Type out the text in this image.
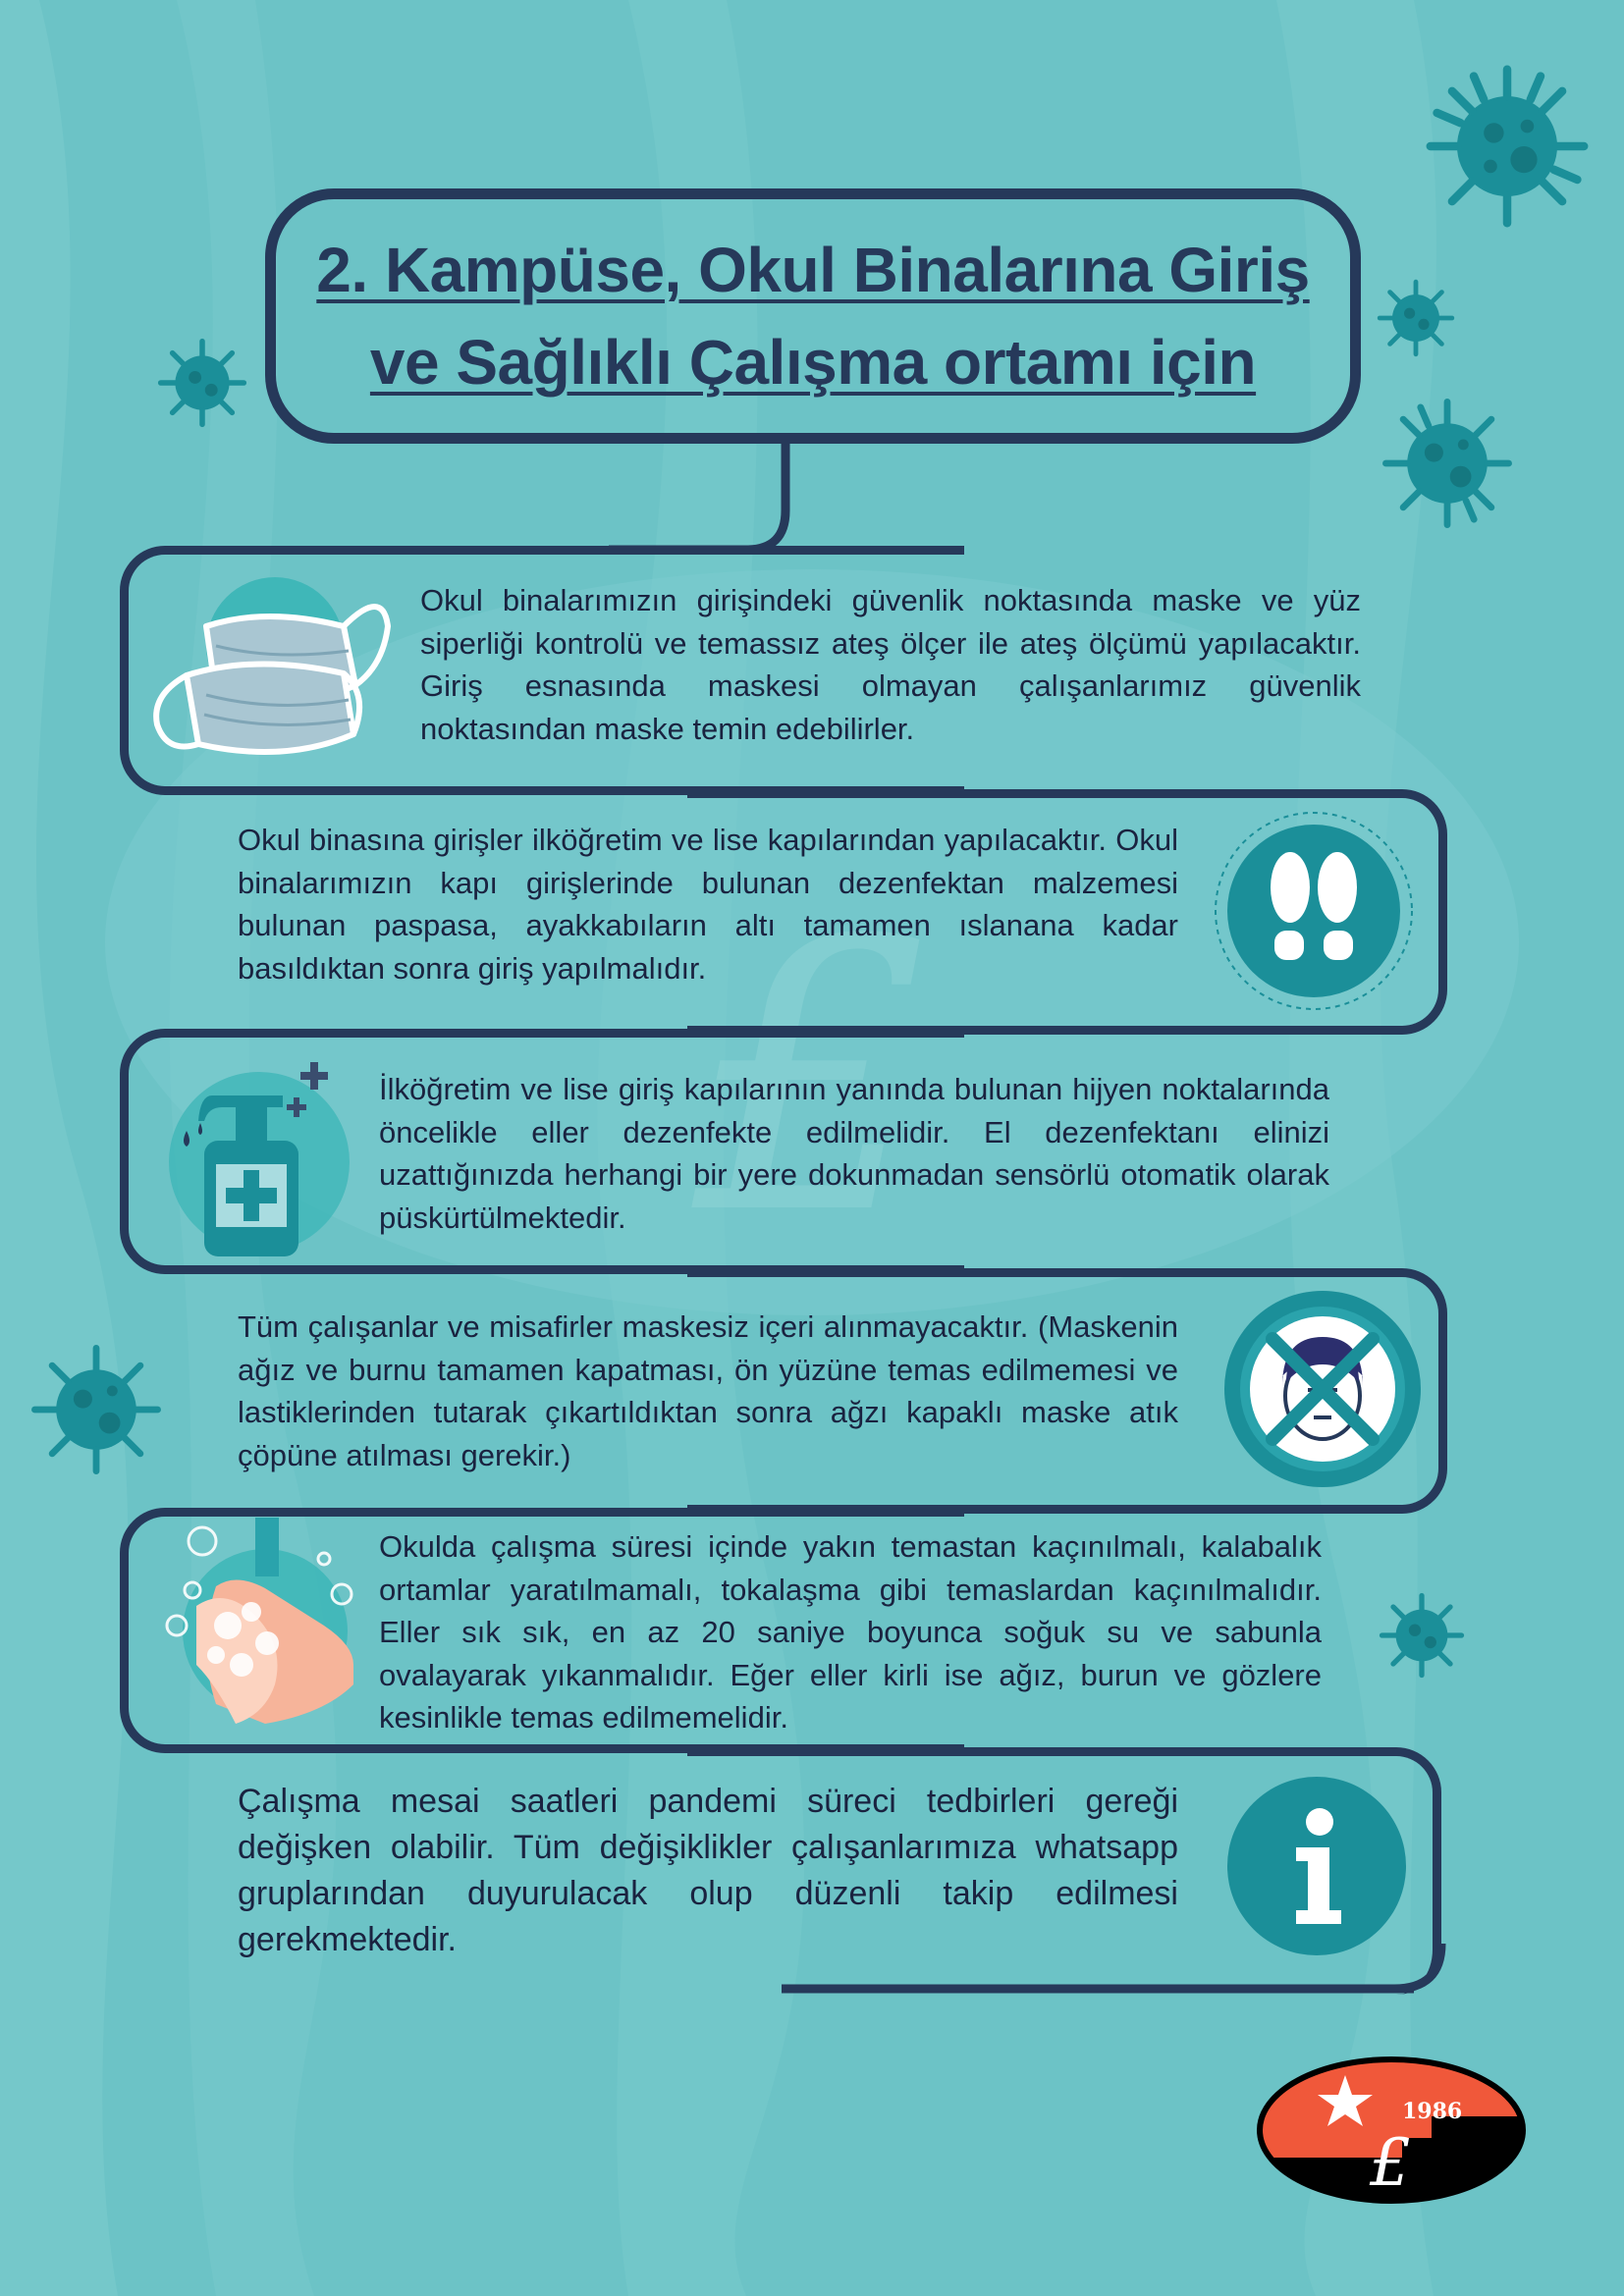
£
2. Kampüse, Okul Binalarına Giriş
ve Sağlıklı Çalışma ortamı için
Okul binalarımızın girişindeki güvenlik noktasında maske ve yüz siperliği kontrolü ve temassız ateş ölçer ile ateş ölçümü yapılacaktır. Giriş esnasında maskesi olmayan çalışanlarımız güvenlik noktasından maske temin edebilirler.
Okul binasına girişler ilköğretim ve lise kapılarından yapılacaktır. Okul binalarımızın kapı girişlerinde bulunan dezenfektan malzemesi bulunan paspasa, ayakkabıların altı tamamen ıslanana kadar basıldıktan sonra giriş yapılmalıdır.
İlköğretim ve lise giriş kapılarının yanında bulunan hijyen noktalarında öncelikle eller dezenfekte edilmelidir. El dezenfektanı elinizi uzattığınızda herhangi bir yere dokunmadan sensörlü otomatik olarak püskürtülmektedir.
Tüm çalışanlar ve misafirler maskesiz içeri alınmayacaktır. (Maskenin ağız ve burnu tamamen kapatması, ön yüzüne temas edilmemesi ve lastiklerinden tutarak çıkartıldıktan sonra ağzı kapaklı maske atık çöpüne atılması gerekir.)
Okulda çalışma süresi içinde yakın temastan kaçınılmalı, kalabalık ortamlar yaratılmamalı, tokalaşma gibi temaslardan kaçınılmalıdır. Eller sık sık, en az 20 saniye boyunca soğuk su ve sabunla ovalayarak yıkanmalıdır. Eğer eller kirli ise ağız, burun ve gözlere kesinlikle temas edilmemelidir.
Çalışma mesai saatleri pandemi süreci tedbirleri gereği değişken olabilir. Tüm değişiklikler çalışanlarımıza whatsapp gruplarından duyurulacak olup düzenli takip edilmesi gerekmektedir.
1986
£
